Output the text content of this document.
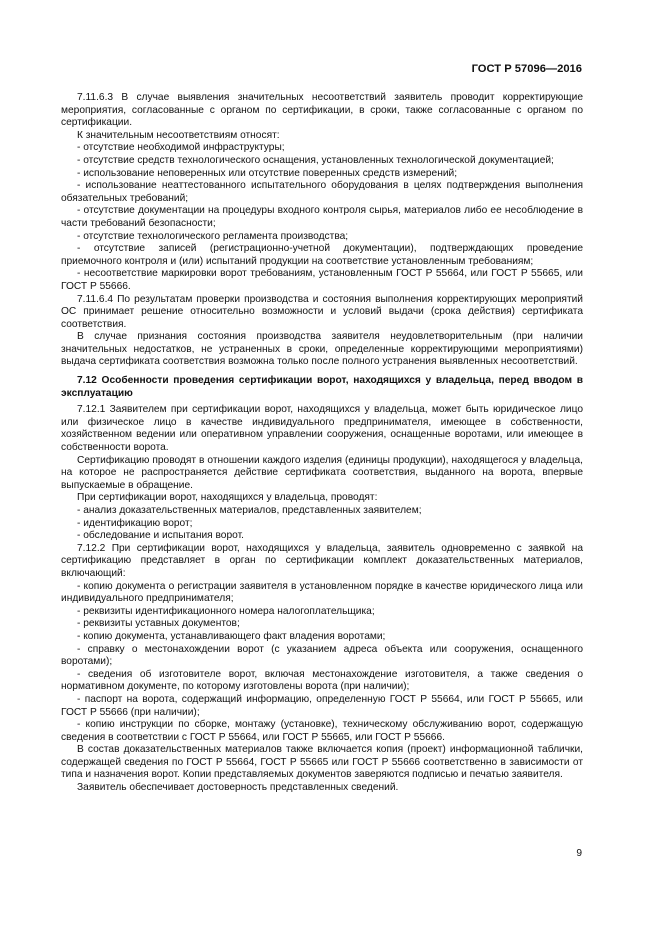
ГОСТ Р 57096—2016

7.11.6.3 В случае выявления значительных несоответствий заявитель проводит корректирующие мероприятия, согласованные с органом по сертификации, в сроки, также согласованные с органом по сертификации.

К значительным несоответствиям относят:

- отсутствие необходимой инфраструктуры;

- отсутствие средств технологического оснащения, установленных технологической документацией;

- использование неповеренных или отсутствие поверенных средств измерений;

- использование неаттестованного испытательного оборудования в целях подтверждения выполнения обязательных требований;

- отсутствие документации на процедуры входного контроля сырья, материалов либо ее несоблюдение в части требований безопасности;

- отсутствие технологического регламента производства;

- отсутствие записей (регистрационно-учетной документации), подтверждающих проведение приемочного контроля и (или) испытаний продукции на соответствие установленным требованиям;

- несоответствие маркировки ворот требованиям, установленным ГОСТ Р 55664, или ГОСТ Р 55665, или ГОСТ Р 55666.

7.11.6.4 По результатам проверки производства и состояния выполнения корректирующих мероприятий ОС принимает решение относительно возможности и условий выдачи (срока действия) сертификата соответствия.

В случае признания состояния производства заявителя неудовлетворительным (при наличии значительных недостатков, не устраненных в сроки, определенные корректирующими мероприятиями) выдача сертификата соответствия возможна только после полного устранения выявленных несоответствий.

7.12 Особенности проведения сертификации ворот, находящихся у владельца, перед вводом в эксплуатацию

7.12.1 Заявителем при сертификации ворот, находящихся у владельца, может быть юридическое лицо или физическое лицо в качестве индивидуального предпринимателя, имеющее в собственности, хозяйственном ведении или оперативном управлении сооружения, оснащенные воротами, или имеющее в собственности ворота.

Сертификацию проводят в отношении каждого изделия (единицы продукции), находящегося у владельца, на которое не распространяется действие сертификата соответствия, выданного на ворота, впервые выпускаемые в обращение.

При сертификации ворот, находящихся у владельца, проводят:

- анализ доказательственных материалов, представленных заявителем;

- идентификацию ворот;

- обследование и испытания ворот.

7.12.2 При сертификации ворот, находящихся у владельца, заявитель одновременно с заявкой на сертификацию представляет в орган по сертификации комплект доказательственных материалов, включающий:

- копию документа о регистрации заявителя в установленном порядке в качестве юридического лица или индивидуального предпринимателя;

- реквизиты идентификационного номера налогоплательщика;

- реквизиты уставных документов;

- копию документа, устанавливающего факт владения воротами;

- справку о местонахождении ворот (с указанием адреса объекта или сооружения, оснащенного воротами);

- сведения об изготовителе ворот, включая местонахождение изготовителя, а также сведения о нормативном документе, по которому изготовлены ворота (при наличии);

- паспорт на ворота, содержащий информацию, определенную ГОСТ Р 55664, или ГОСТ Р 55665, или ГОСТ Р 55666 (при наличии);

- копию инструкции по сборке, монтажу (установке), техническому обслуживанию ворот, содержащую сведения в соответствии с ГОСТ Р 55664, или ГОСТ Р 55665, или ГОСТ Р 55666.

В состав доказательственных материалов также включается копия (проект) информационной таблички, содержащей сведения по ГОСТ Р 55664, ГОСТ Р 55665 или ГОСТ Р 55666 соответственно в зависимости от типа и назначения ворот. Копии представляемых документов заверяются подписью и печатью заявителя.

Заявитель обеспечивает достоверность представленных сведений.

9
